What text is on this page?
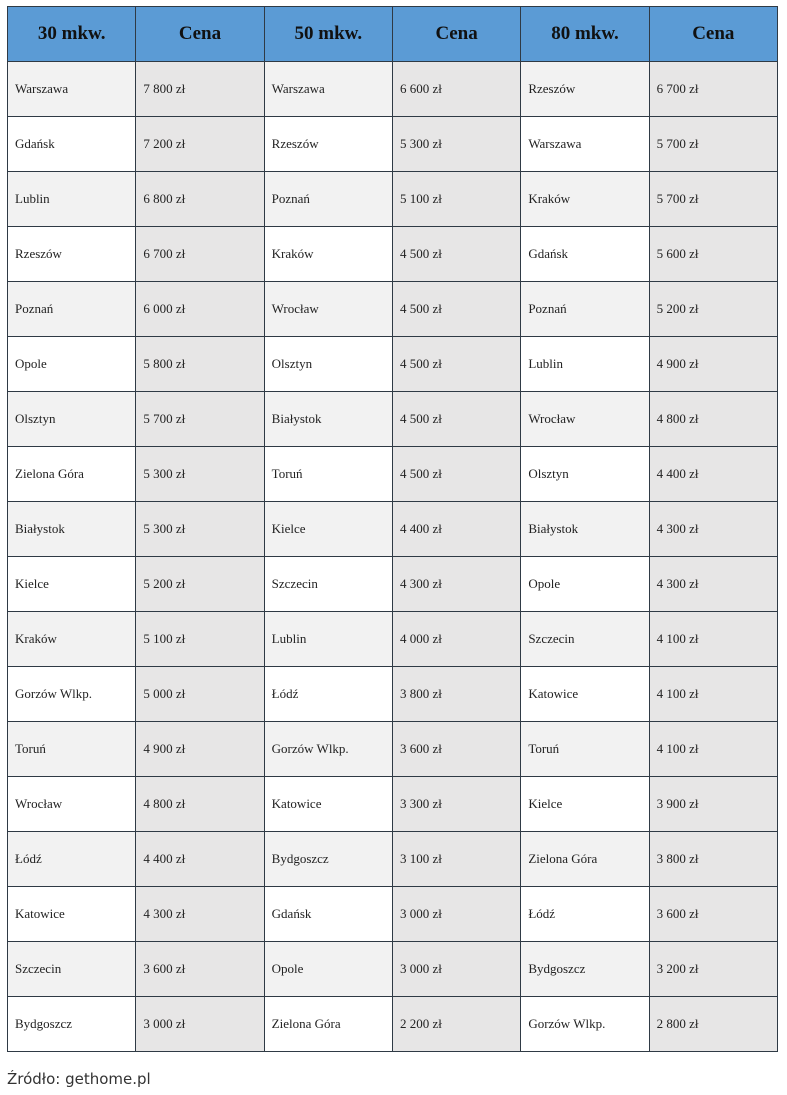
30 mkw.	Cena	50 mkw.	Cena	80 mkw.	Cena
Warszawa	7 800 zł	Warszawa	6 600 zł	Rzeszów	6 700 zł
Gdańsk	7 200 zł	Rzeszów	5 300 zł	Warszawa	5 700 zł
Lublin	6 800 zł	Poznań	5 100 zł	Kraków	5 700 zł
Rzeszów	6 700 zł	Kraków	4 500 zł	Gdańsk	5 600 zł
Poznań	6 000 zł	Wrocław	4 500 zł	Poznań	5 200 zł
Opole	5 800 zł	Olsztyn	4 500 zł	Lublin	4 900 zł
Olsztyn	5 700 zł	Białystok	4 500 zł	Wrocław	4 800 zł
Zielona Góra	5 300 zł	Toruń	4 500 zł	Olsztyn	4 400 zł
Białystok	5 300 zł	Kielce	4 400 zł	Białystok	4 300 zł
Kielce	5 200 zł	Szczecin	4 300 zł	Opole	4 300 zł
Kraków	5 100 zł	Lublin	4 000 zł	Szczecin	4 100 zł
Gorzów Wlkp.	5 000 zł	Łódź	3 800 zł	Katowice	4 100 zł
Toruń	4 900 zł	Gorzów Wlkp.	3 600 zł	Toruń	4 100 zł
Wrocław	4 800 zł	Katowice	3 300 zł	Kielce	3 900 zł
Łódź	4 400 zł	Bydgoszcz	3 100 zł	Zielona Góra	3 800 zł
Katowice	4 300 zł	Gdańsk	3 000 zł	Łódź	3 600 zł
Szczecin	3 600 zł	Opole	3 000 zł	Bydgoszcz	3 200 zł
Bydgoszcz	3 000 zł	Zielona Góra	2 200 zł	Gorzów Wlkp.	2 800 zł
Źródło: gethome.pl
